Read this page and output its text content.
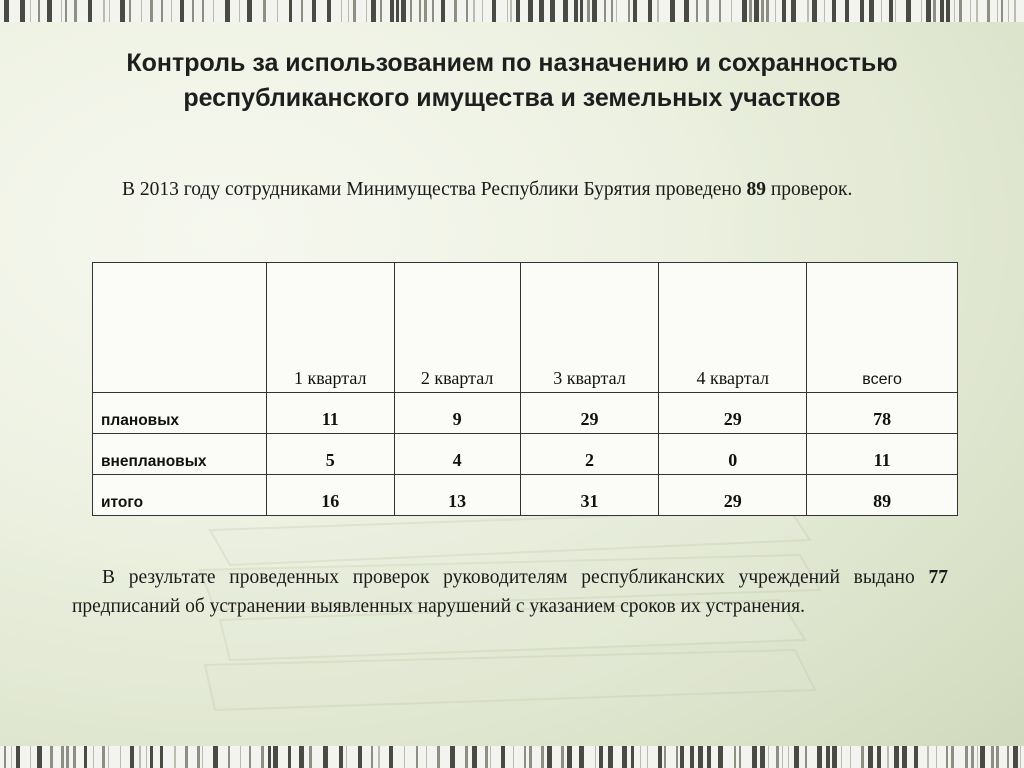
Контроль за использованием по назначению и сохранностью республиканского имущества и земельных участков

В 2013 году сотрудниками Минимущества Республики Бурятия проведено 89 проверок.

	1 квартал	2 квартал	3 квартал	4 квартал	всего
плановых	11	9	29	29	78
внеплановых	5	4	2	0	11
итого	16	13	31	29	89

В результате проведенных проверок руководителям республиканских учреждений выдано 77 предписаний об устранении выявленных нарушений с указанием сроков их устранения.
